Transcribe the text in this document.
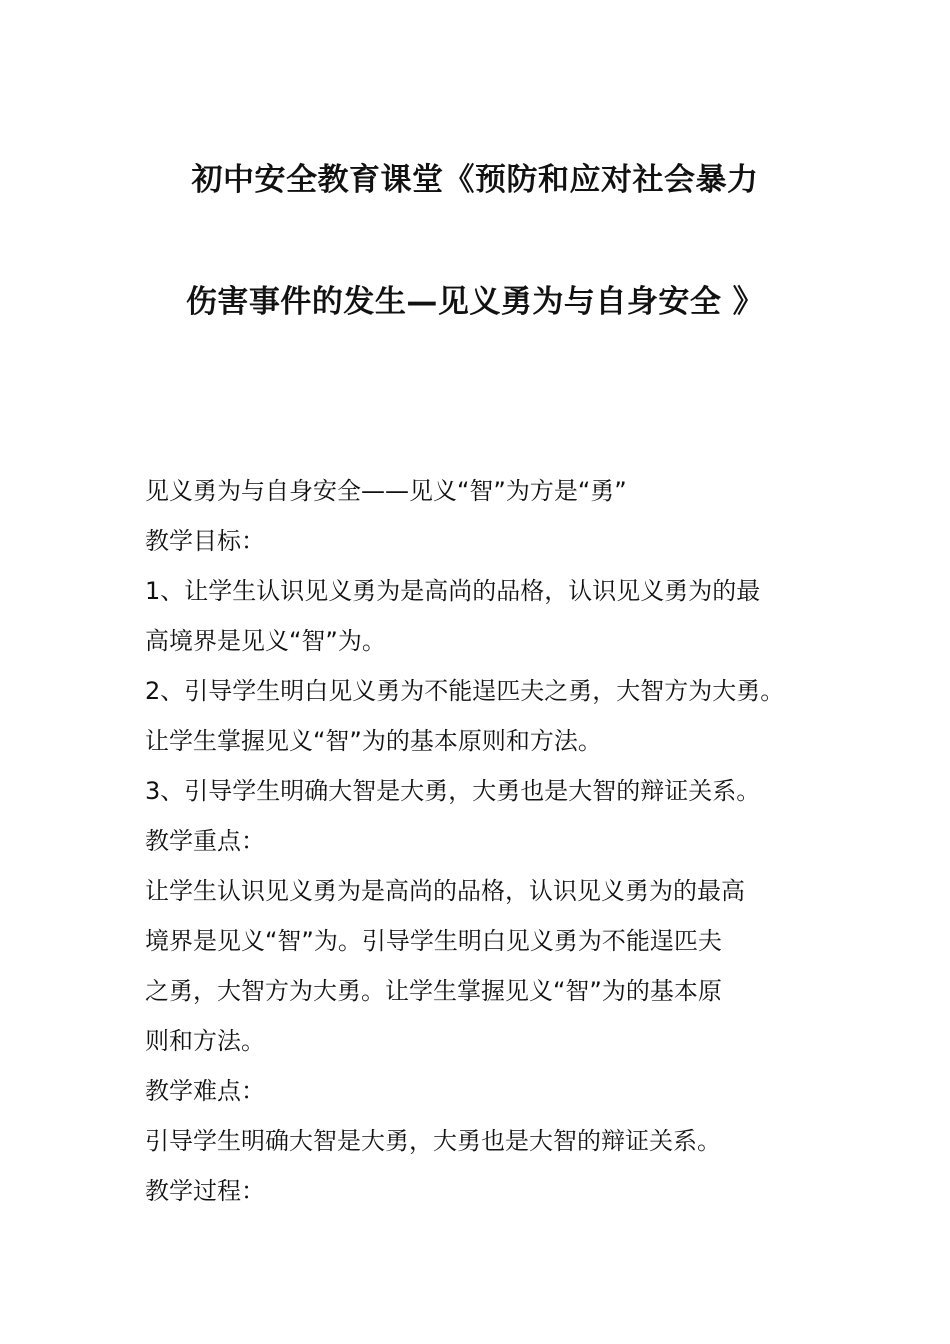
初中安全教育课堂《预防和应对社会暴力
伤害事件的发生—见义勇为与自身安全 》
见义勇为与自身安全——见义“智”为方是“勇”
教学目标：
1、让学生认识见义勇为是高尚的品格，认识见义勇为的最
高境界是见义“智”为。
2、引导学生明白见义勇为不能逞匹夫之勇，大智方为大勇。
让学生掌握见义“智”为的基本原则和方法。
3、引导学生明确大智是大勇，大勇也是大智的辩证关系。
教学重点：
让学生认识见义勇为是高尚的品格，认识见义勇为的最高
境界是见义“智”为。引导学生明白见义勇为不能逞匹夫
之勇，大智方为大勇。让学生掌握见义“智”为的基本原
则和方法。
教学难点：
引导学生明确大智是大勇，大勇也是大智的辩证关系。
教学过程：
